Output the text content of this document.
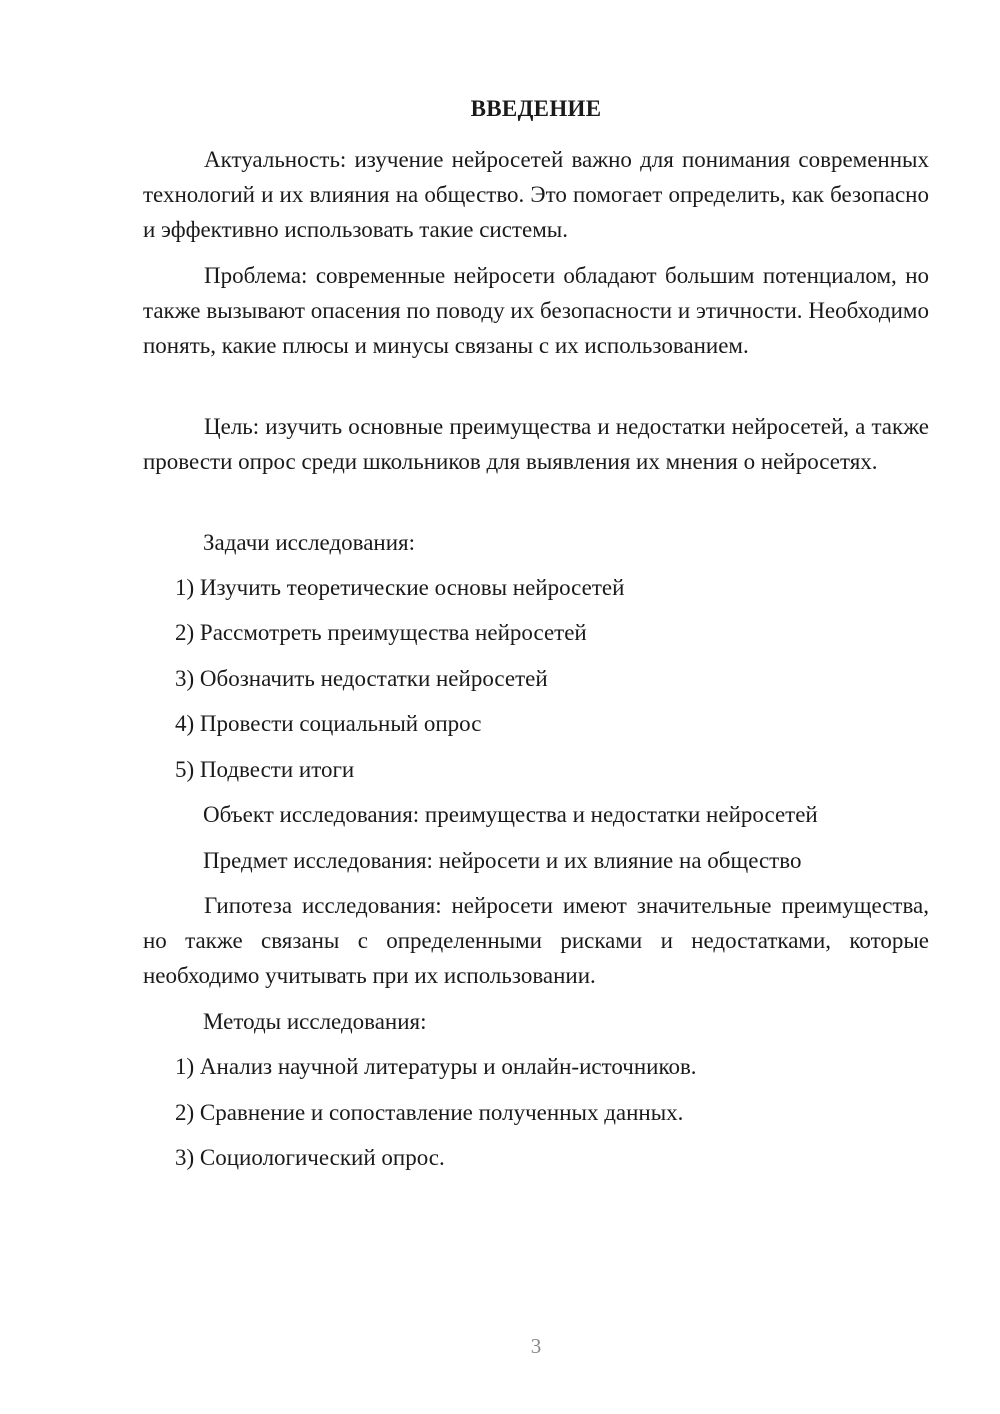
ВВЕДЕНИЕ

Актуальность: изучение нейросетей важно для понимания современных технологий и их влияния на общество. Это помогает определить, как безопасно и эффективно использовать такие системы.

Проблема: современные нейросети обладают большим потенциалом, но также вызывают опасения по поводу их безопасности и этичности. Необходимо понять, какие плюсы и минусы связаны с их использованием.

Цель: изучить основные преимущества и недостатки нейросетей, а также провести опрос среди школьников для выявления их мнения о нейросетях.

Задачи исследования:

1) Изучить теоретические основы нейросетей

2) Рассмотреть преимущества нейросетей

3) Обозначить недостатки нейросетей

4) Провести социальный опрос

5) Подвести итоги

Объект исследования: преимущества и недостатки нейросетей

Предмет исследования: нейросети и их влияние на общество

Гипотеза исследования: нейросети имеют значительные преимущества, но также связаны с определенными рисками и недостатками, которые необходимо учитывать при их использовании.

Методы исследования:

1) Анализ научной литературы и онлайн-источников.

2) Сравнение и сопоставление полученных данных.

3) Социологический опрос.

3
